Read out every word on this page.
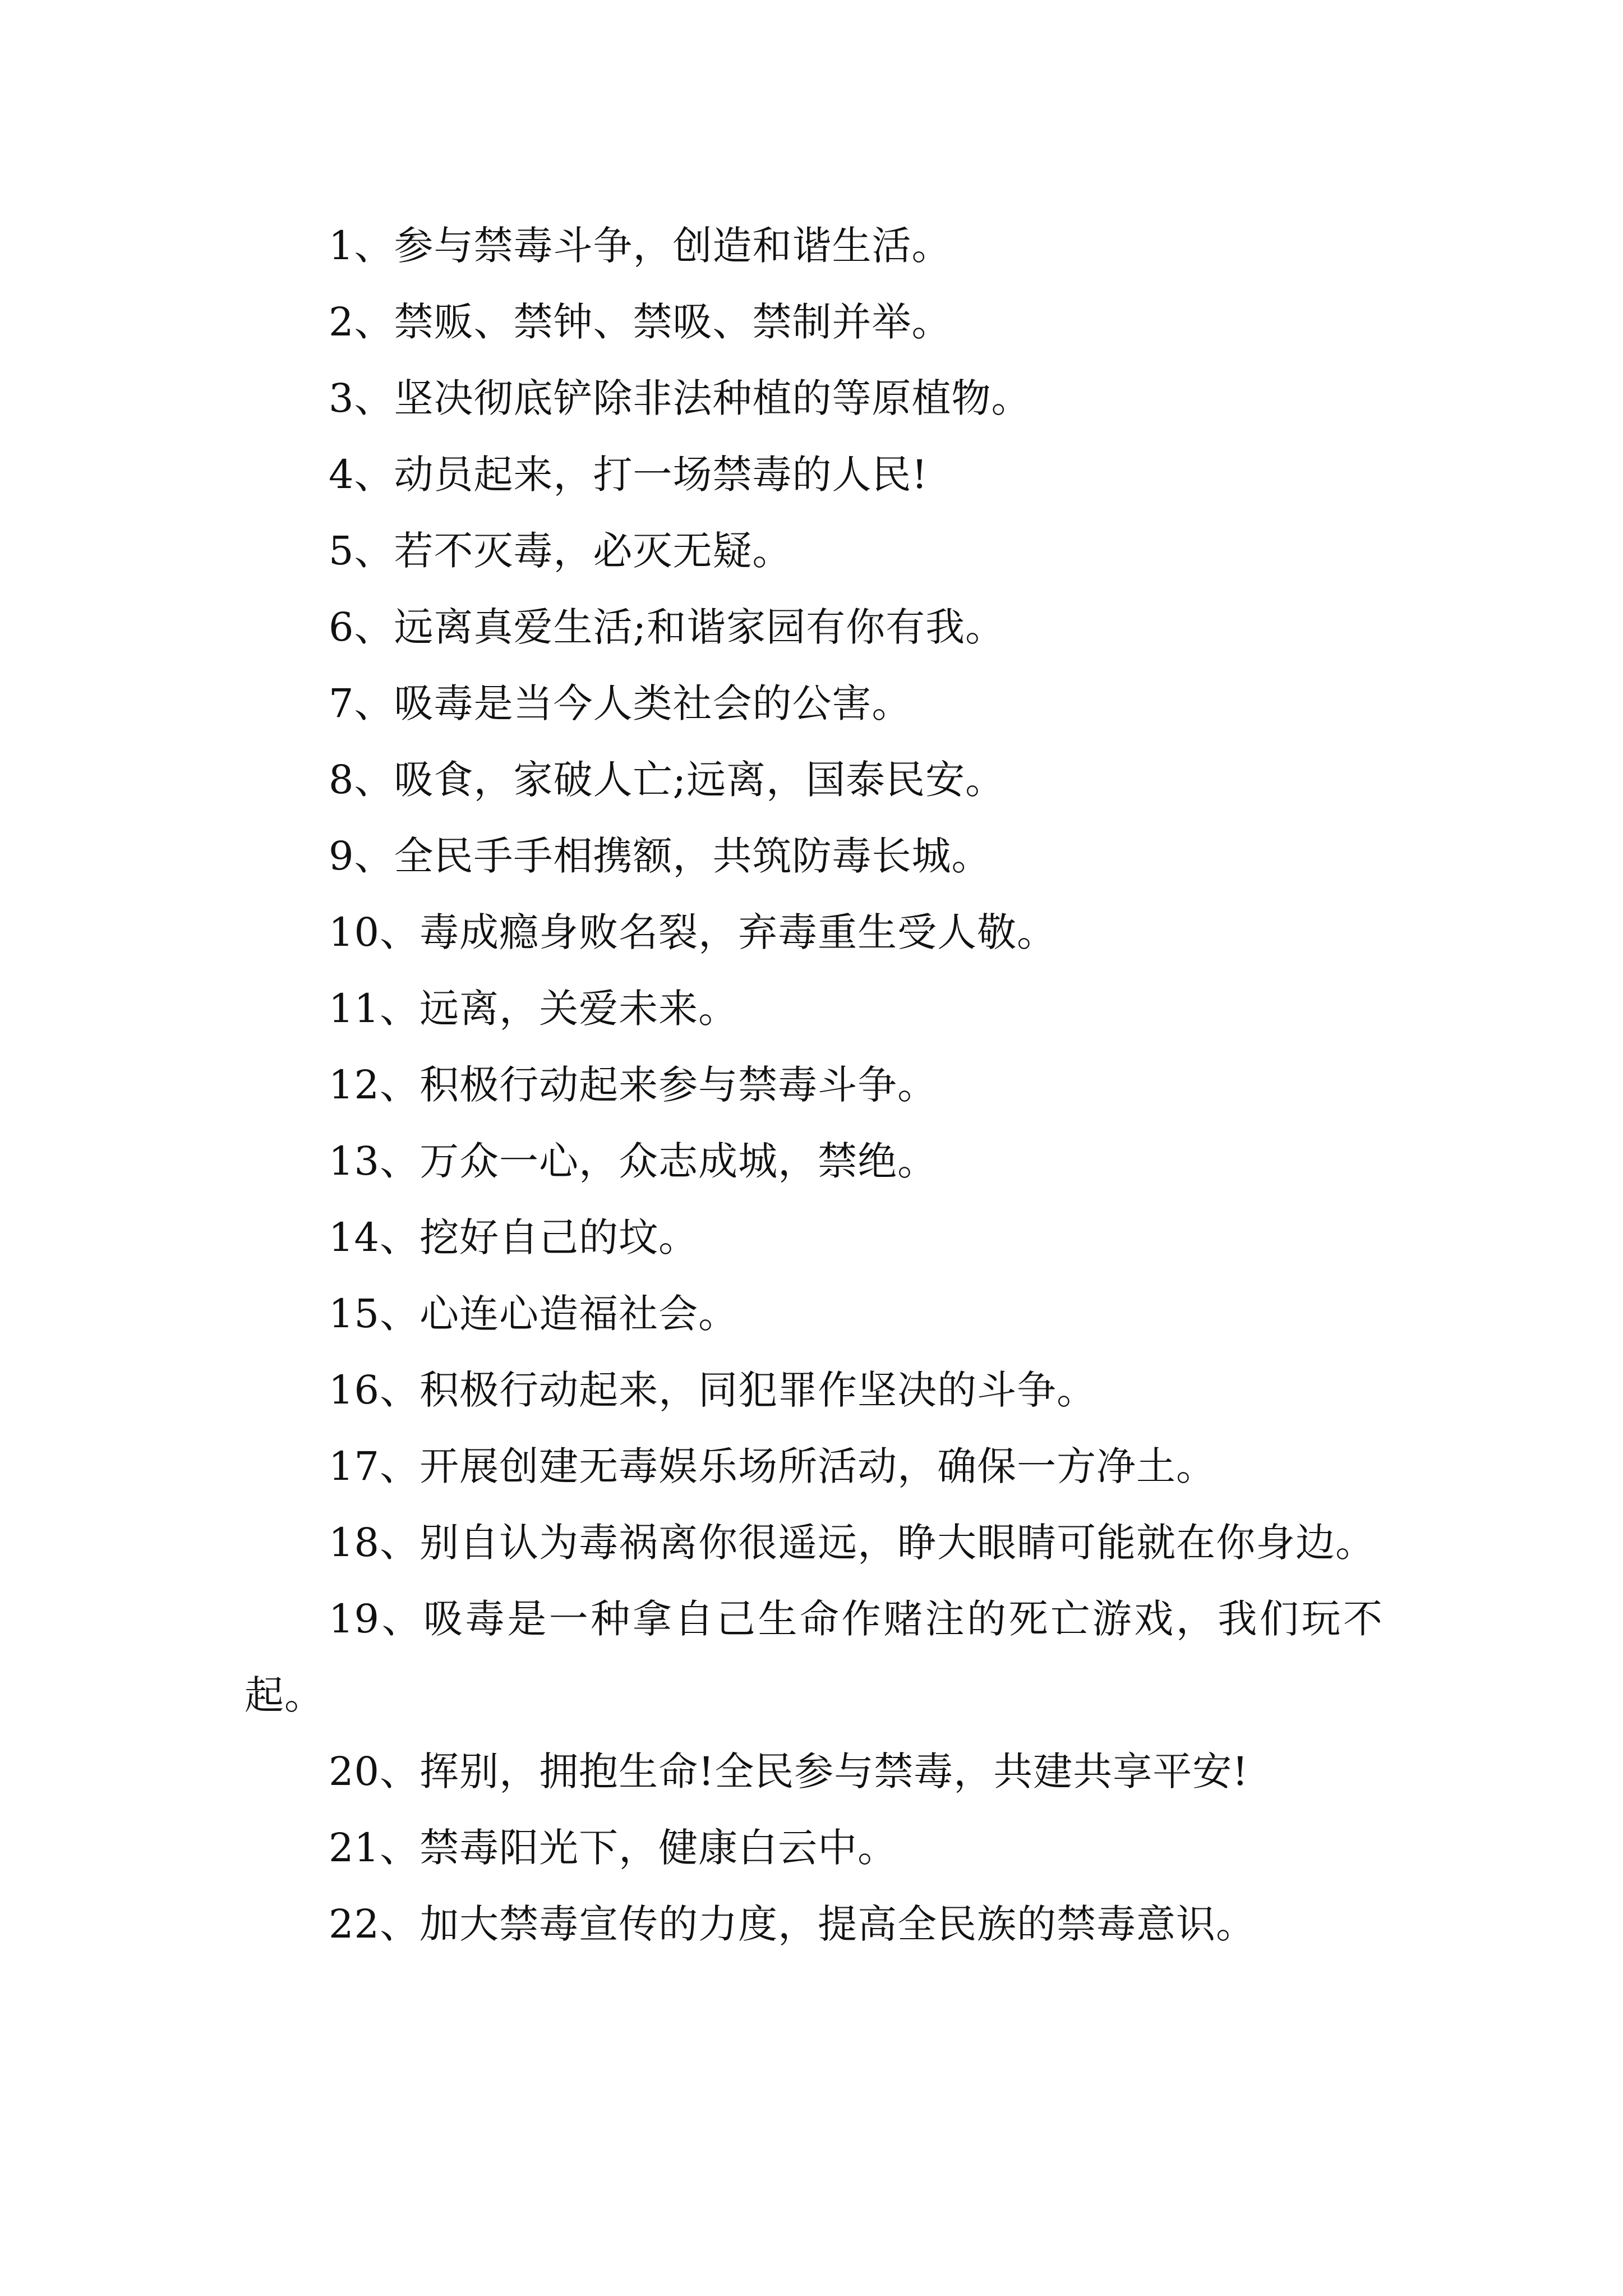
1、参与禁毒斗争，创造和谐生活。

2、禁贩、禁钟、禁吸、禁制并举。

3、坚决彻底铲除非法种植的等原植物。

4、动员起来，打一场禁毒的人民!

5、若不灭毒，必灭无疑。

6、远离真爱生活;和谐家园有你有我。

7、吸毒是当今人类社会的公害。

8、吸食，家破人亡;远离，国泰民安。

9、全民手手相携额，共筑防毒长城。

10、毒成瘾身败名裂，弃毒重生受人敬。

11、远离，关爱未来。

12、积极行动起来参与禁毒斗争。

13、万众一心，众志成城，禁绝。

14、挖好自己的坟。

15、心连心造福社会。

16、积极行动起来，同犯罪作坚决的斗争。

17、开展创建无毒娱乐场所活动，确保一方净土。

18、别自认为毒祸离你很遥远，睁大眼睛可能就在你身边。

19、吸毒是一种拿自己生命作赌注的死亡游戏，我们玩不起。

20、挥别，拥抱生命!全民参与禁毒，共建共享平安!

21、禁毒阳光下，健康白云中。

22、加大禁毒宣传的力度，提高全民族的禁毒意识。
